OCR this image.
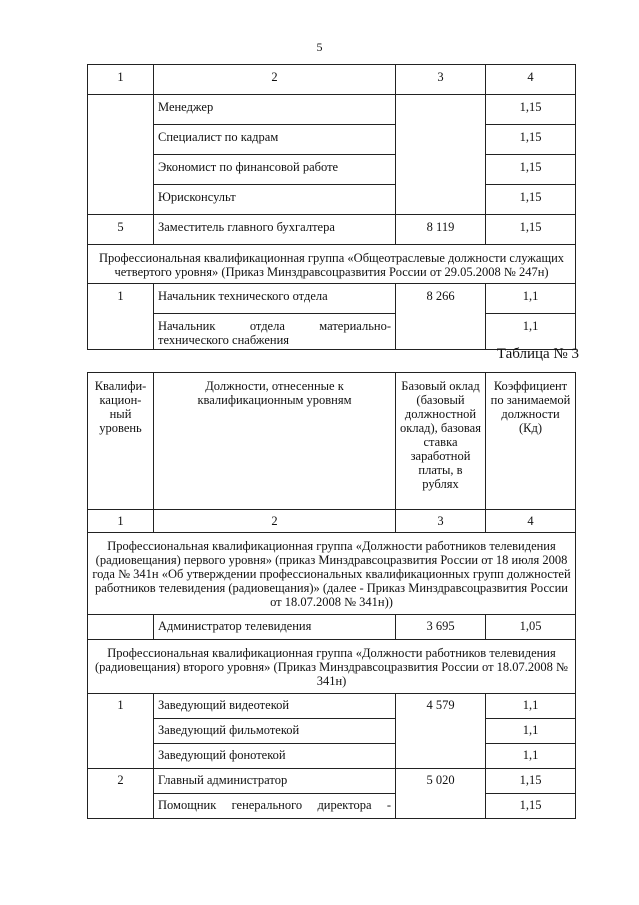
5
1	2	3	4
	Менеджер		1,15
	Специалист по кадрам		1,15
	Экономист по финансовой работе		1,15
	Юрисконсульт		1,15
5	Заместитель главного бухгалтера	8 119	1,15
Профессиональная квалификационная группа «Общеотраслевые должности служащих четвертого уровня» (Приказ Минздравсоцразвития России от 29.05.2008 № 247н)			
1	Начальник технического отдела	8 266	1,1
	Начальник отдела материально-технического снабжения		1,1
Таблица № 3
Квалифи-кацион-ный уровень	Должности, отнесенные к квалификационным уровням	Базовый оклад (базовый должностной оклад), базовая ставка заработной платы, в рублях	Коэффициент по занимаемой должности (Кд)
1	2	3	4
Профессиональная квалификационная группа «Должности работников телевидения (радиовещания) первого уровня» (приказ Минздравсоцразвития России от 18 июля 2008 года № 341н «Об утверждении профессиональных квалификационных групп должностей работников телевидения (радиовещания)» (далее - Приказ Минздравсоцразвития России от 18.07.2008 № 341н))			
	Администратор телевидения	3 695	1,05
Профессиональная квалификационная группа «Должности работников телевидения (радиовещания) второго уровня» (Приказ Минздравсоцразвития России от 18.07.2008 № 341н)			
1	Заведующий видеотекой	4 579	1,1
	Заведующий фильмотекой		1,1
	Заведующий фонотекой		1,1
2	Главный администратор	5 020	1,15
	Помощник генерального директора -		1,15
